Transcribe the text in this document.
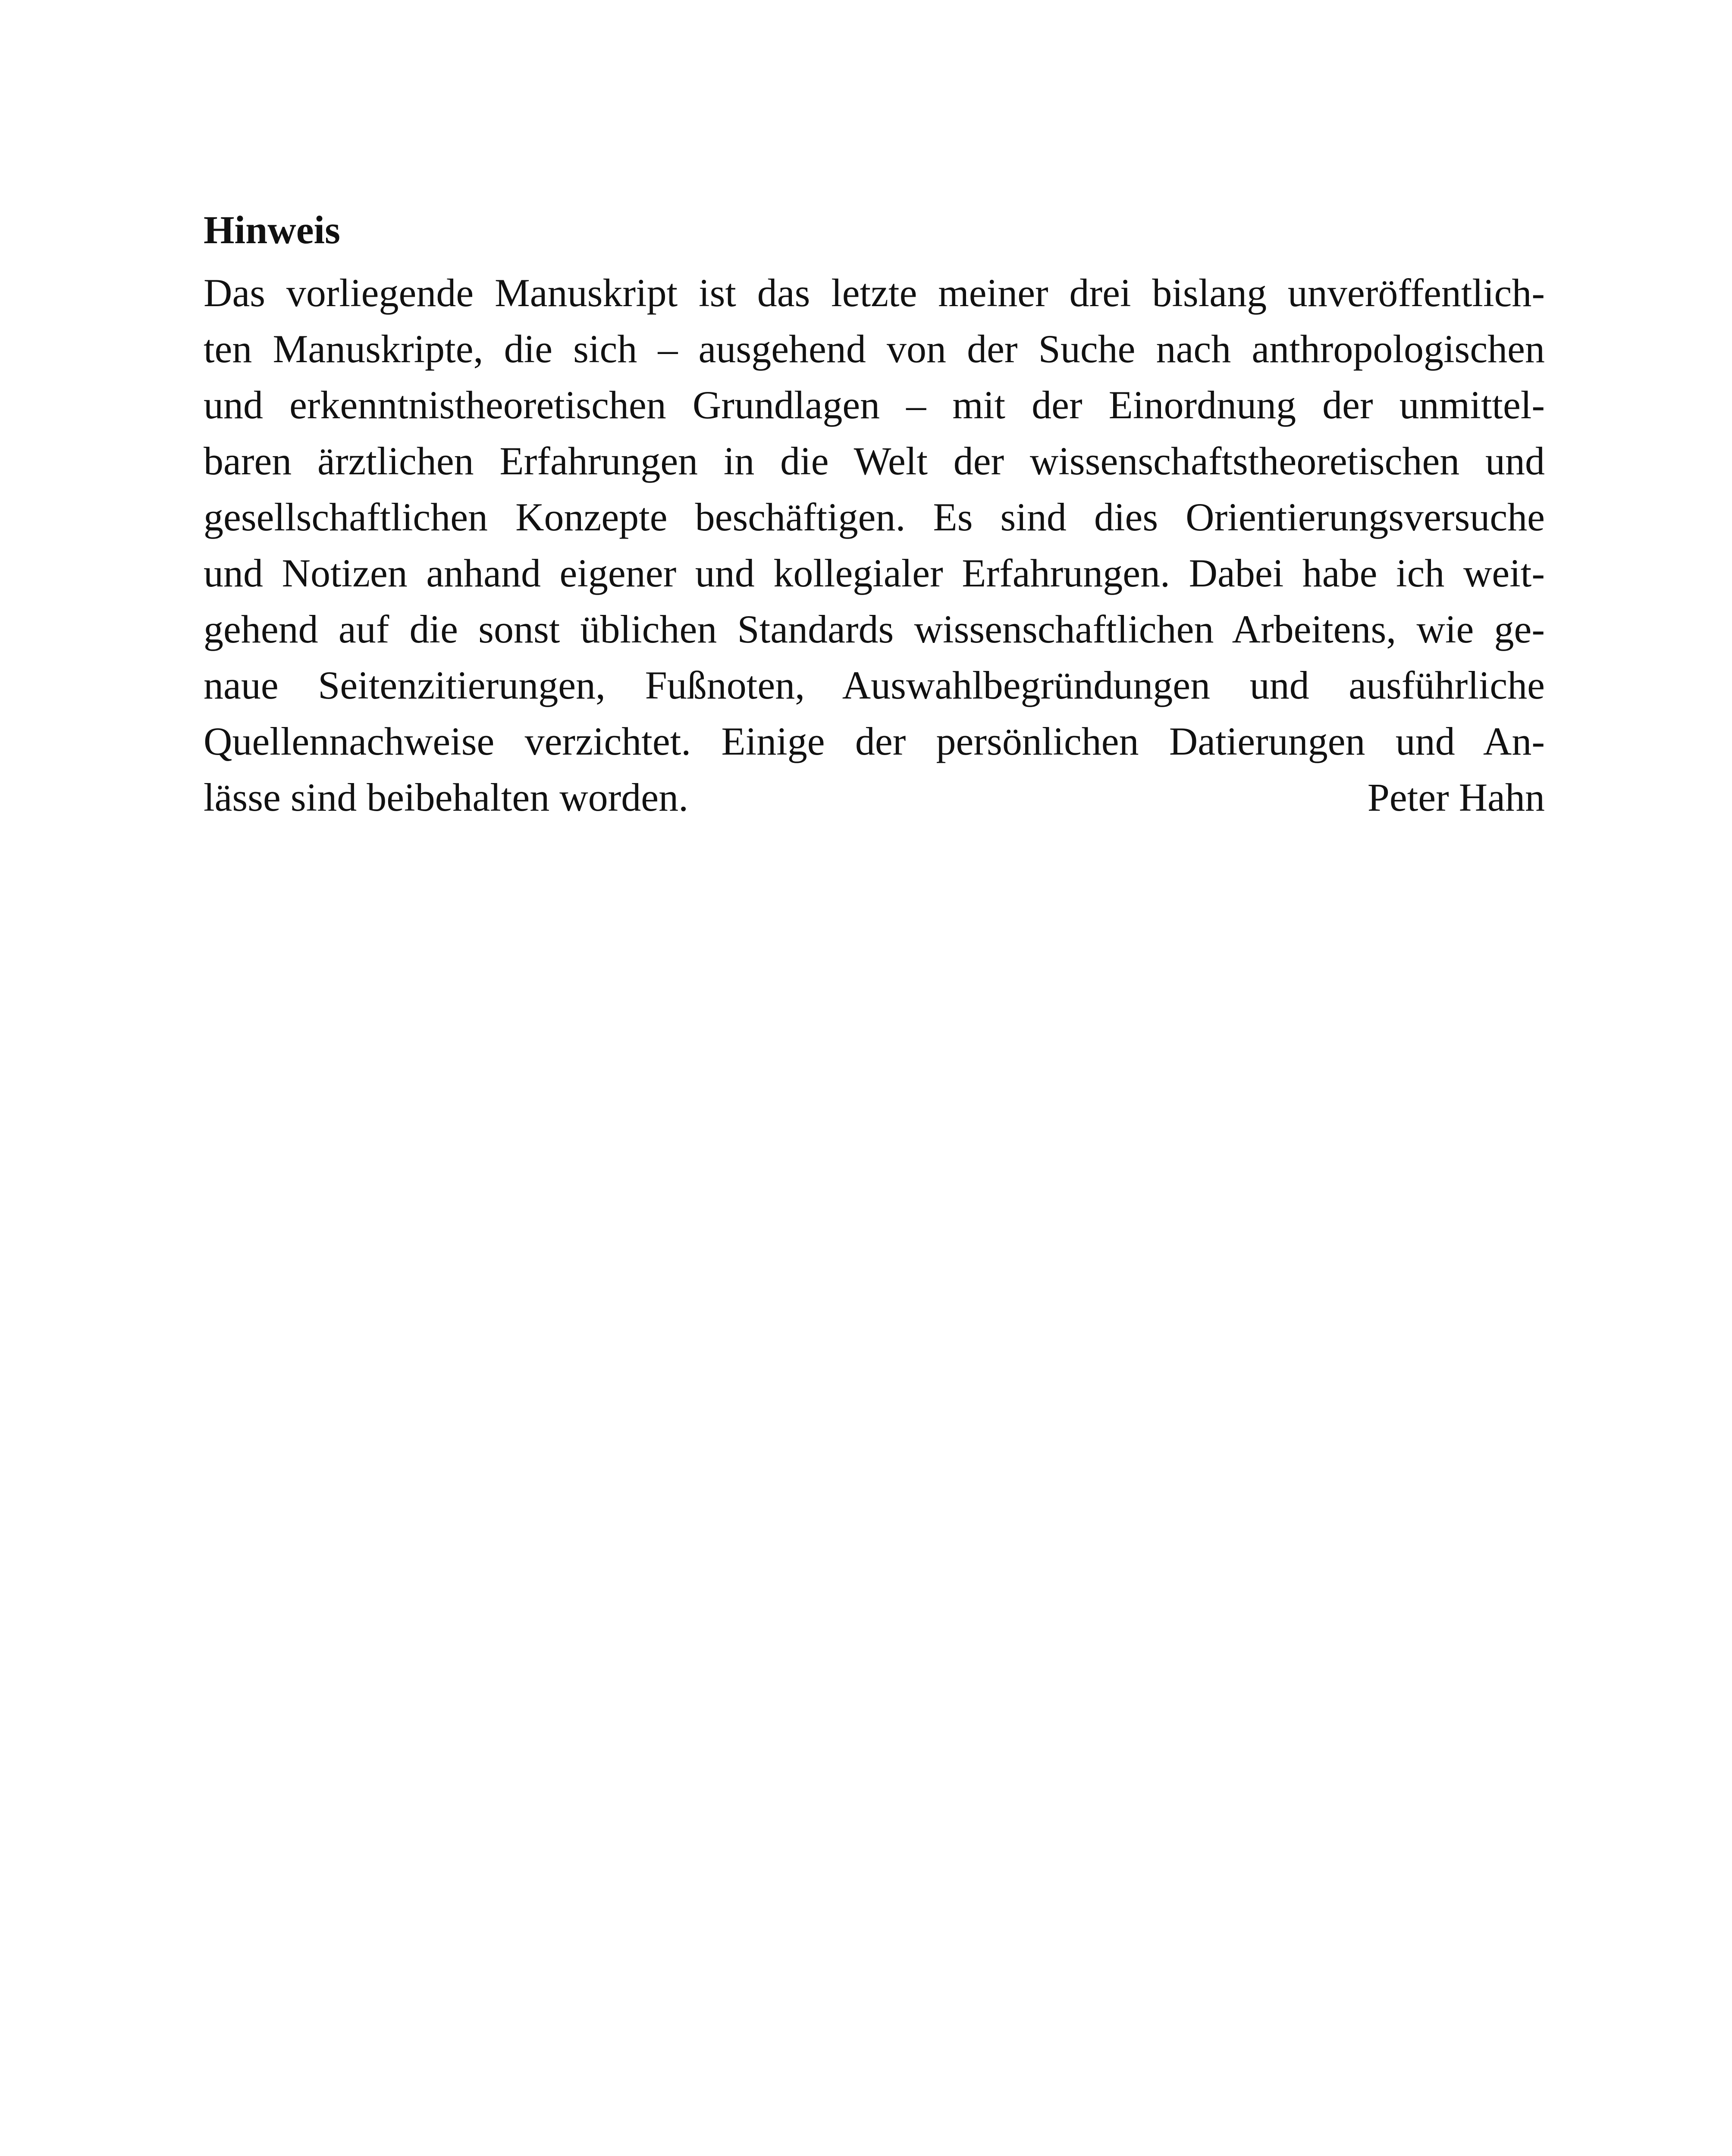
Hinweis
Das vorliegende Manuskript ist das letzte meiner drei bislang unveröffentlich-
ten Manuskripte, die sich – ausgehend von der Suche nach anthropologischen
und erkenntnistheoretischen Grundlagen – mit der Einordnung der unmittel-
baren ärztlichen Erfahrungen in die Welt der wissenschaftstheoretischen und
gesellschaftlichen Konzepte beschäftigen. Es sind dies Orientierungsversuche
und Notizen anhand eigener und kollegialer Erfahrungen. Dabei habe ich weit-
gehend auf die sonst üblichen Standards wissenschaftlichen Arbeitens, wie ge-
naue Seitenzitierungen, Fußnoten, Auswahlbegründungen und ausführliche
Quellennachweise verzichtet. Einige der persönlichen Datierungen und An-
lässe sind beibehalten worden.	Peter Hahn
